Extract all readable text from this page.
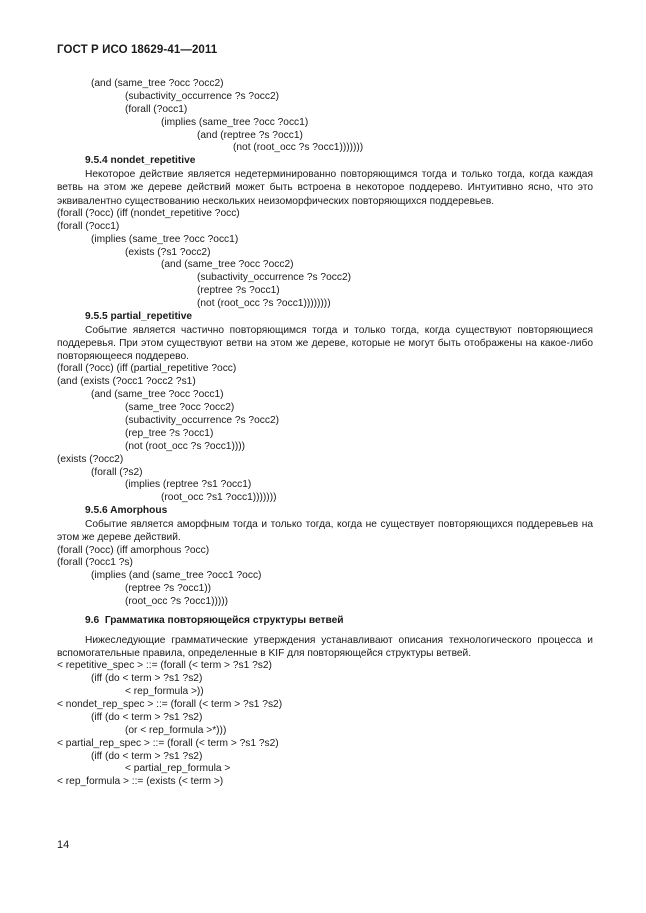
ГОСТ Р ИСО 18629-41—2011
(and (same_tree ?occ ?occ2)
(subactivity_occurrence ?s ?occ2)
(forall (?occ1)
(implies (same_tree ?occ ?occ1)
(and (reptree ?s ?occ1)
(not (root_occ ?s ?occ1)))))))
9.5.4 nondet_repetitive

Некоторое действие является недетерминированно повторяющимся тогда и только тогда, когда каждая ветвь на этом же дереве действий может быть встроена в некоторое поддерево. Интуитивно ясно, что это эквивалентно существованию нескольких неизоморфических повторяющихся поддеревьев.

(forall (?occ) (iff (nondet_repetitive ?occ)
(forall (?occ1)
(implies (same_tree ?occ ?occ1)
(exists (?s1 ?occ2)
(and (same_tree ?occ ?occ2)
(subactivity_occurrence ?s ?occ2)
(reptree ?s ?occ1)
(not (root_occ ?s ?occ1))))))))
9.5.5 partial_repetitive

Событие является частично повторяющимся тогда и только тогда, когда существуют повторяющиеся поддеревья. При этом существуют ветви на этом же дереве, которые не могут быть отображены на какое-либо повторяющееся поддерево.

(forall (?occ) (iff (partial_repetitive ?occ)
(and (exists (?occ1 ?occ2 ?s1)
(and (same_tree ?occ ?occ1)
(same_tree ?occ ?occ2)
(subactivity_occurrence ?s ?occ2)
(rep_tree ?s ?occ1)
(not (root_occ ?s ?occ1))))
(exists (?occ2)
(forall (?s2)
(implies (reptree ?s1 ?occ1)
(root_occ ?s1 ?occ1)))))))
9.5.6 Amorphous

Событие является аморфным тогда и только тогда, когда не существует повторяющихся поддеревьев на этом же дереве действий.

(forall (?occ) (iff amorphous ?occ)
(forall (?occ1 ?s)
(implies (and (same_tree ?occ1 ?occ)
(reptree ?s ?occ1))
(root_occ ?s ?occ1)))))
9.6  Грамматика повторяющейся структуры ветвей

Нижеследующие грамматические утверждения устанавливают описания технологического процесса и вспомогательные правила, определенные в KIF для повторяющейся структуры ветвей.

< repetitive_spec > ::= (forall (< term > ?s1 ?s2)
(iff (do < term > ?s1 ?s2)
< rep_formula >))
< nondet_rep_spec > ::= (forall (< term > ?s1 ?s2)
(iff (do < term > ?s1 ?s2)
(or < rep_formula >*)))
< partial_rep_spec > ::= (forall (< term > ?s1 ?s2)
(iff (do < term > ?s1 ?s2)
< partial_rep_formula >
< rep_formula > ::= (exists (< term >)
14
